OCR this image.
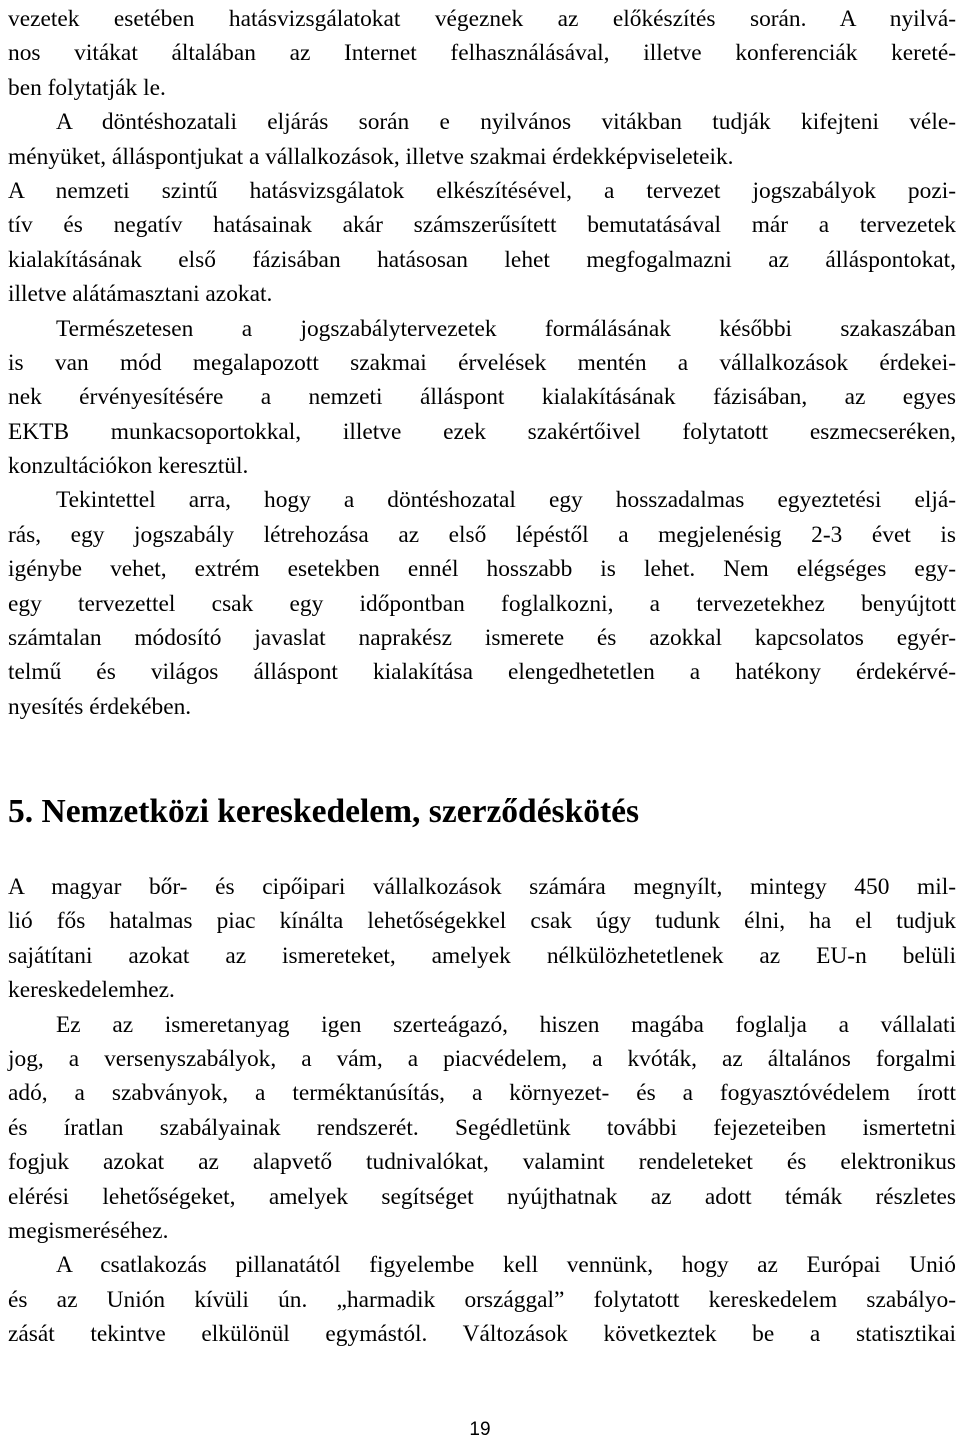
vezetek esetében hatásvizsgálatokat végeznek az előkészítés során. A nyilvá-
nos vitákat általában az Internet felhasználásával, illetve konferenciák kereté-
ben folytatják le.
A döntéshozatali eljárás során e nyilvános vitákban tudják kifejteni véle-
ményüket, álláspontjukat a vállalkozások, illetve szakmai érdekképviseleteik.
A nemzeti szintű hatásvizsgálatok elkészítésével, a tervezet jogszabályok pozi-
tív és negatív hatásainak akár számszerűsített bemutatásával már a tervezetek
kialakításának első fázisában hatásosan lehet megfogalmazni az álláspontokat,
illetve alátámasztani azokat.
Természetesen a jogszabálytervezetek formálásának későbbi szakaszában
is van mód megalapozott szakmai érvelések mentén a vállalkozások érdekei-
nek érvényesítésére a nemzeti álláspont kialakításának fázisában, az egyes
EKTB munkacsoportokkal, illetve ezek szakértőivel folytatott eszmecseréken,
konzultációkon keresztül.
Tekintettel arra, hogy a döntéshozatal egy hosszadalmas egyeztetési eljá-
rás, egy jogszabály létrehozása az első lépéstől a megjelenésig 2-3 évet is
igénybe vehet, extrém esetekben ennél hosszabb is lehet. Nem elégséges egy-
egy tervezettel csak egy időpontban foglalkozni, a tervezetekhez benyújtott
számtalan módosító javaslat naprakész ismerete és azokkal kapcsolatos egyér-
telmű és világos álláspont kialakítása elengedhetetlen a hatékony érdekérvé-
nyesítés érdekében.
5. Nemzetközi kereskedelem, szerződéskötés
A magyar bőr- és cipőipari vállalkozások számára megnyílt, mintegy 450 mil-
lió fős hatalmas piac kínálta lehetőségekkel csak úgy tudunk élni, ha el tudjuk
sajátítani azokat az ismereteket, amelyek nélkülözhetetlenek az EU-n belüli
kereskedelemhez.
Ez az ismeretanyag igen szerteágazó, hiszen magába foglalja a vállalati
jog, a versenyszabályok, a vám, a piacvédelem, a kvóták, az általános forgalmi
adó, a szabványok, a terméktanúsítás, a környezet- és a fogyasztóvédelem írott
és íratlan szabályainak rendszerét. Segédletünk további fejezeteiben ismertetni
fogjuk azokat az alapvető tudnivalókat, valamint rendeleteket és elektronikus
elérési lehetőségeket, amelyek segítséget nyújthatnak az adott témák részletes
megismeréséhez.
A csatlakozás pillanatától figyelembe kell vennünk, hogy az Európai Unió
és az Unión kívüli ún. „harmadik országgal” folytatott kereskedelem szabályo-
zását tekintve elkülönül egymástól. Változások következtek be a statisztikai
19
